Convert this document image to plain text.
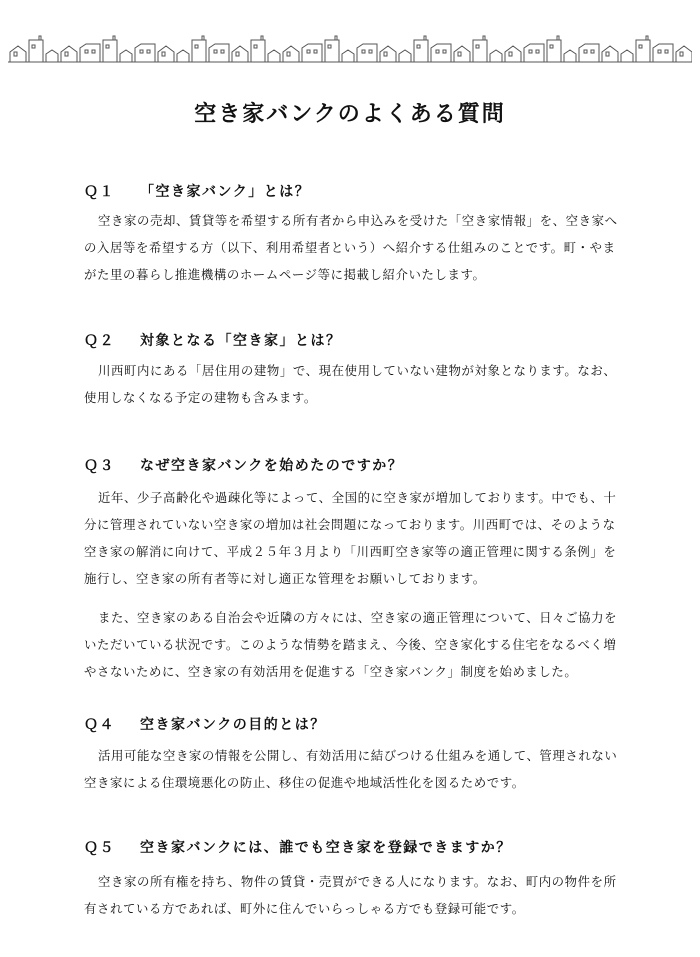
空き家バンクのよくある質問
Ｑ１ 「空き家バンク」とは？

空き家の売却、賃貸等を希望する所有者から申込みを受けた「空き家情報」を、空き家への入居等を希望する方（以下、利用希望者という）へ紹介する仕組みのことです。町・やまがた里の暮らし推進機構のホームページ等に掲載し紹介いたします。

Ｑ２ 対象となる「空き家」とは？

川西町内にある「居住用の建物」で、現在使用していない建物が対象となります。なお、使用しなくなる予定の建物も含みます。

Ｑ３ なぜ空き家バンクを始めたのですか？

近年、少子高齢化や過疎化等によって、全国的に空き家が増加しております。中でも、十分に管理されていない空き家の増加は社会問題になっております。川西町では、そのような空き家の解消に向けて、平成２５年３月より「川西町空き家等の適正管理に関する条例」を施行し、空き家の所有者等に対し適正な管理をお願いしております。

また、空き家のある自治会や近隣の方々には、空き家の適正管理について、日々ご協力をいただいている状況です。このような情勢を踏まえ、今後、空き家化する住宅をなるべく増やさないために、空き家の有効活用を促進する「空き家バンク」制度を始めました。

Ｑ４ 空き家バンクの目的とは？

活用可能な空き家の情報を公開し、有効活用に結びつける仕組みを通して、管理されない空き家による住環境悪化の防止、移住の促進や地域活性化を図るためです。

Ｑ５ 空き家バンクには、誰でも空き家を登録できますか？

空き家の所有権を持ち、物件の賃貸・売買ができる人になります。なお、町内の物件を所有されている方であれば、町外に住んでいらっしゃる方でも登録可能です。
